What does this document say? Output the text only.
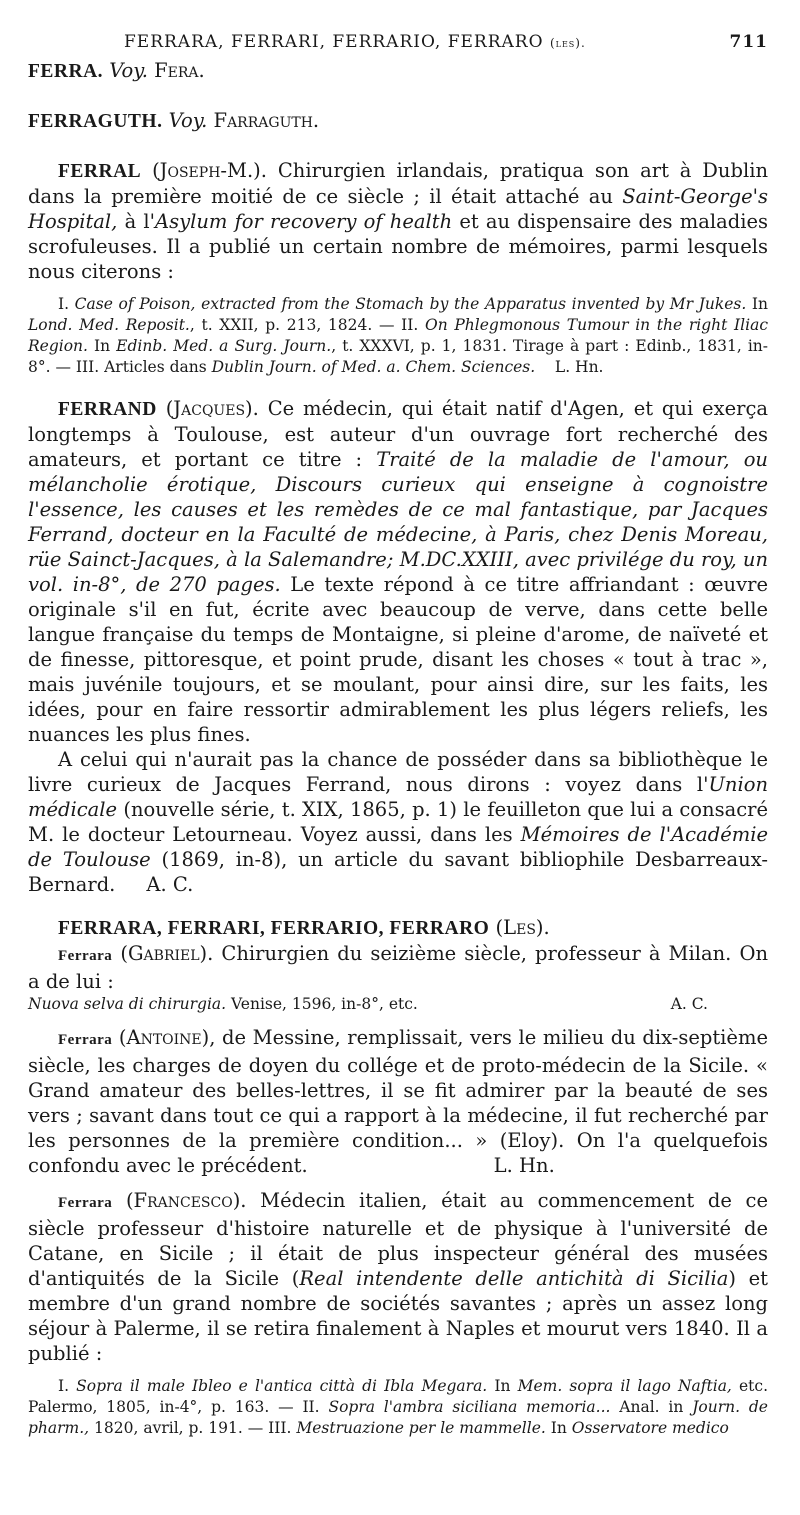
FERRARA, FERRARI, FERRARIO, FERRARO (les).	711

FERRA. Voy. Fera.

FERRAGUTH. Voy. Farraguth.

FERRAL (Joseph-M.). Chirurgien irlandais, pratiqua son art à Dublin dans la première moitié de ce siècle ; il était attaché au Saint-George's Hospital, à l'Asylum for recovery of health et au dispensaire des maladies scrofuleuses. Il a publié un certain nombre de mémoires, parmi lesquels nous citerons :

I. Case of Poison, extracted from the Stomach by the Apparatus invented by Mr Jukes. In Lond. Med. Reposit., t. XXII, p. 213, 1824. — II. On Phlegmonous Tumour in the right Iliac Region. In Edinb. Med. a Surg. Journ., t. XXXVI, p. 1, 1831. Tirage à part : Edinb., 1831, in-8°. — III. Articles dans Dublin Journ. of Med. a. Chem. Sciences. L. Hn.

FERRAND (Jacques). Ce médecin, qui était natif d'Agen, et qui exerça longtemps à Toulouse, est auteur d'un ouvrage fort recherché des amateurs, et portant ce titre : Traité de la maladie de l'amour, ou mélancholie érotique, Discours curieux qui enseigne à cognoistre l'essence, les causes et les remèdes de ce mal fantastique, par Jacques Ferrand, docteur en la Faculté de médecine, à Paris, chez Denis Moreau, rüe Sainct-Jacques, à la Salemandre; M.DC.XXIII, avec privilége du roy, un vol. in-8°, de 270 pages. Le texte répond à ce titre affriandant : œuvre originale s'il en fut, écrite avec beaucoup de verve, dans cette belle langue française du temps de Montaigne, si pleine d'arome, de naïveté et de finesse, pittoresque, et point prude, disant les choses « tout à trac », mais juvénile toujours, et se moulant, pour ainsi dire, sur les faits, les idées, pour en faire ressortir admirablement les plus légers reliefs, les nuances les plus fines.

A celui qui n'aurait pas la chance de posséder dans sa bibliothèque le livre curieux de Jacques Ferrand, nous dirons : voyez dans l'Union médicale (nouvelle série, t. XIX, 1865, p. 1) le feuilleton que lui a consacré M. le docteur Letourneau. Voyez aussi, dans les Mémoires de l'Académie de Toulouse (1869, in-8), un article du savant bibliophile Desbarreaux-Bernard. A. C.

FERRARA, FERRARI, FERRARIO, FERRARO (Les).

Ferrara (Gabriel). Chirurgien du seizième siècle, professeur à Milan. On a de lui :

Nuova selva di chirurgia. Venise, 1596, in-8°, etc.	A. C.

Ferrara (Antoine), de Messine, remplissait, vers le milieu du dix-septième siècle, les charges de doyen du collége et de proto-médecin de la Sicile. « Grand amateur des belles-lettres, il se fit admirer par la beauté de ses vers ; savant dans tout ce qui a rapport à la médecine, il fut recherché par les personnes de la première condition... » (Eloy). On l'a quelquefois confondu avec le précédent.	L. Hn.

Ferrara (Francesco). Médecin italien, était au commencement de ce siècle professeur d'histoire naturelle et de physique à l'université de Catane, en Sicile ; il était de plus inspecteur général des musées d'antiquités de la Sicile (Real intendente delle antichità di Sicilia) et membre d'un grand nombre de sociétés savantes ; après un assez long séjour à Palerme, il se retira finalement à Naples et mourut vers 1840. Il a publié :

I. Sopra il male Ibleo e l'antica città di Ibla Megara. In Mem. sopra il lago Naftia, etc. Palermo, 1805, in-4°, p. 163. — II. Sopra l'ambra siciliana memoria... Anal. in Journ. de pharm., 1820, avril, p. 191. — III. Mestruazione per le mammelle. In Osservatore medico
